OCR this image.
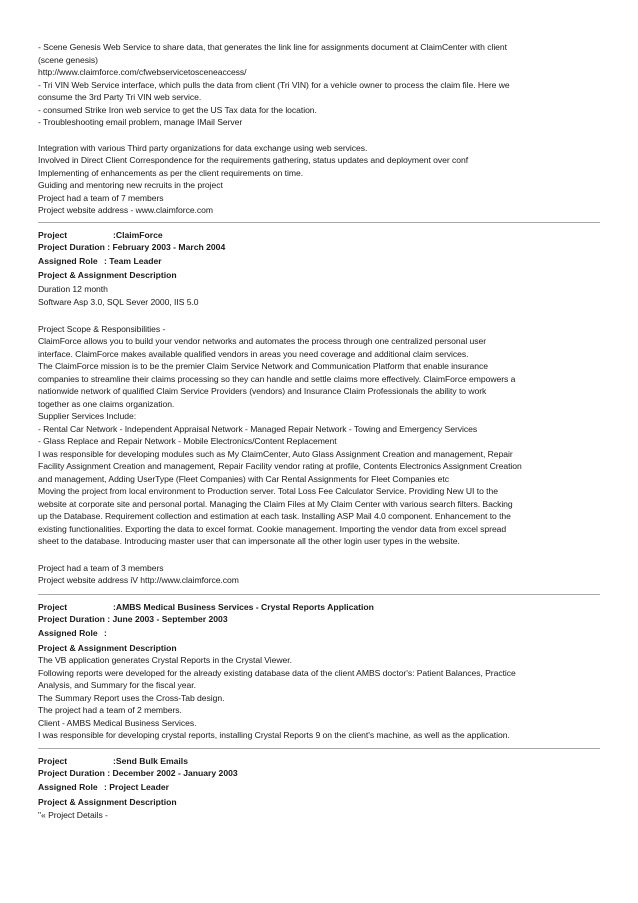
- Scene Genesis Web Service to share data, that generates the link line for assignments document at ClaimCenter with client
(scene genesis)
http://www.claimforce.com/cfwebservicetosceneaccess/
- Tri VIN Web Service interface, which pulls the data from client (Tri VIN) for a vehicle owner to process the claim file. Here we
consume the 3rd Party Tri VIN web service.
- consumed Strike Iron web service to get the US Tax data for the location.
- Troubleshooting email problem, manage IMail Server
Integration with various Third party organizations for data exchange using web services.
Involved in Direct Client Correspondence for the requirements gathering, status updates and deployment over conf
Implementing of enhancements as per the client requirements on time.
Guiding and mentoring new recruits in the project
Project had a team of 7 members
Project website address - www.claimforce.com
Project	:ClaimForce
Project Duration : February 2003 - March 2004
Assigned Role : Team Leader
Project & Assignment Description
Duration 12 month
Software Asp 3.0, SQL Sever 2000, IIS 5.0
Project Scope & Responsibilities -
ClaimForce allows you to build your vendor networks and automates the process through one centralized personal user
interface. ClaimForce makes available qualified vendors in areas you need coverage and additional claim services.
The ClaimForce mission is to be the premier Claim Service Network and Communication Platform that enable insurance
companies to streamline their claims processing so they can handle and settle claims more effectively. ClaimForce empowers a
nationwide network of qualified Claim Service Providers (vendors) and Insurance Claim Professionals the ability to work
together as one claims organization.
Supplier Services Include:
- Rental Car Network - Independent Appraisal Network - Managed Repair Network - Towing and Emergency Services
- Glass Replace and Repair Network - Mobile Electronics/Content Replacement
I was responsible for developing modules such as My ClaimCenter, Auto Glass Assignment Creation and management, Repair
Facility Assignment Creation and management, Repair Facility vendor rating at profile, Contents Electronics Assignment Creation
and management, Adding UserType (Fleet Companies) with Car Rental Assignments for Fleet Companies etc
Moving the project from local environment to Production server. Total Loss Fee Calculator Service. Providing New UI to the
website at corporate site and personal portal. Managing the Claim Files at My Claim Center with various search filters. Backing
up the Database. Requirement collection and estimation at each task. Installing ASP Mail 4.0 component. Enhancement to the
existing functionalities. Exporting the data to excel format. Cookie management. Importing the vendor data from excel spread
sheet to the database. Introducing master user that can impersonate all the other login user types in the website.
Project had a team of 3 members
Project website address iV http://www.claimforce.com
Project	:AMBS Medical Business Services - Crystal Reports Application
Project Duration : June 2003 - September 2003
Assigned Role :
Project & Assignment Description
The VB application generates Crystal Reports in the Crystal Viewer.
Following reports were developed for the already existing database data of the client AMBS doctor's: Patient Balances, Practice
Analysis, and Summary for the fiscal year.
The Summary Report uses the Cross-Tab design.
The project had a team of 2 members.
Client - AMBS Medical Business Services.
I was responsible for developing crystal reports, installing Crystal Reports 9 on the client's machine, as well as the application.
Project	:Send Bulk Emails
Project Duration : December 2002 - January 2003
Assigned Role : Project Leader
Project & Assignment Description
"« Project Details -
